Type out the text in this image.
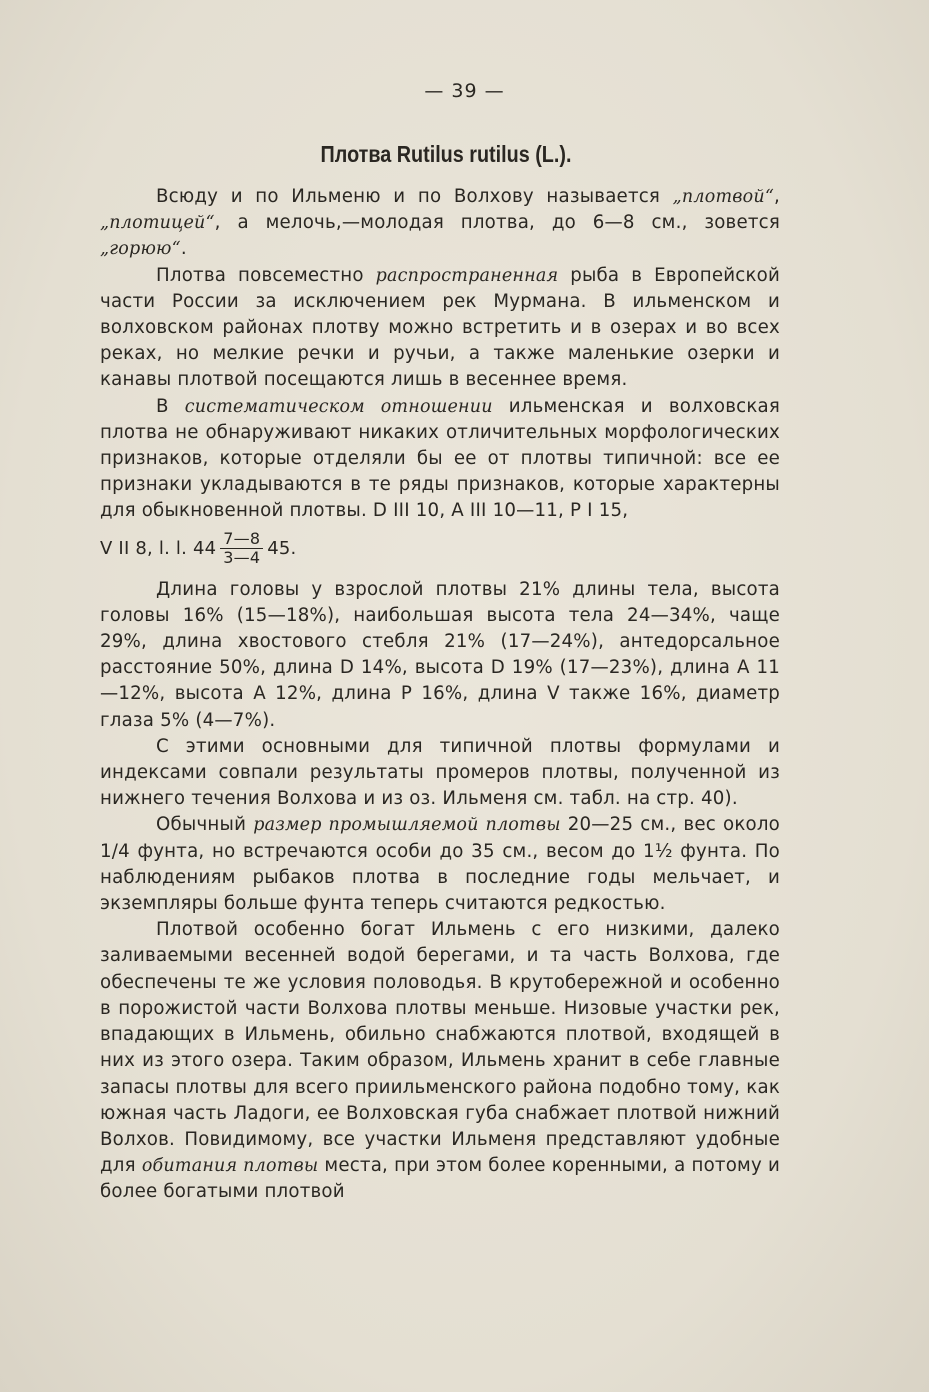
— 39 —
Плотва Rutilus rutilus (L.).

Всюду и по Ильменю и по Волхову называется „плотвой“, „плотицей“, а мелочь,—молодая плотва, до 6—8 см., зовется „горюю“.

Плотва повсеместно распространенная рыба в Европейской части России за исключением рек Мурмана. В ильменском и волховском районах плотву можно встретить и в озерах и во всех реках, но мелкие речки и ручьи, а также маленькие озерки и канавы плотвой посещаются лишь в весеннее время.

В систематическом отношении ильменская и волховская плотва не обнаруживают никаких отличительных морфологических признаков, которые отделяли бы ее от плотвы типичной: все ее признаки укладываются в те ряды признаков, которые характерны для обыкновенной плотвы. D III 10, A III 10—11, P I 15,

V II 8, l. l. $44 \frac{7—8}{3—4} 45$.

Длина головы у взрослой плотвы 21% длины тела, высота головы 16% (15—18%), наибольшая высота тела 24—34%, чаще 29%, длина хвостового стебля 21% (17—24%), антедорсальное расстояние 50%, длина D 14%, высота D 19% (17—23%), длина A 11—12%, высота A 12%, длина P 16%, длина V также 16%, диаметр глаза 5% (4—7%).

С этими основными для типичной плотвы формулами и индексами совпали результаты промеров плотвы, полученной из нижнего течения Волхова и из оз. Ильменя см. табл. на стр. 40).

Обычный размер промышляемой плотвы 20—25 см., вес около 1/4 фунта, но встречаются особи до 35 см., весом до 1½ фунта. По наблюдениям рыбаков плотва в последние годы мельчает, и экземпляры больше фунта теперь считаются редкостью.

Плотвой особенно богат Ильмень с его низкими, далеко заливаемыми весенней водой берегами, и та часть Волхова, где обеспечены те же условия половодья. В крутобережной и особенно в порожистой части Волхова плотвы меньше. Низовые участки рек, впадающих в Ильмень, обильно снабжаются плотвой, входящей в них из этого озера. Таким образом, Ильмень хранит в себе главные запасы плотвы для всего приильменского района подобно тому, как южная часть Ладоги, ее Волховская губа снабжает плотвой нижний Волхов. Повидимому, все участки Ильменя представляют удобные для обитания плотвы места, при этом более коренными, а потому и более богатыми плотвой
